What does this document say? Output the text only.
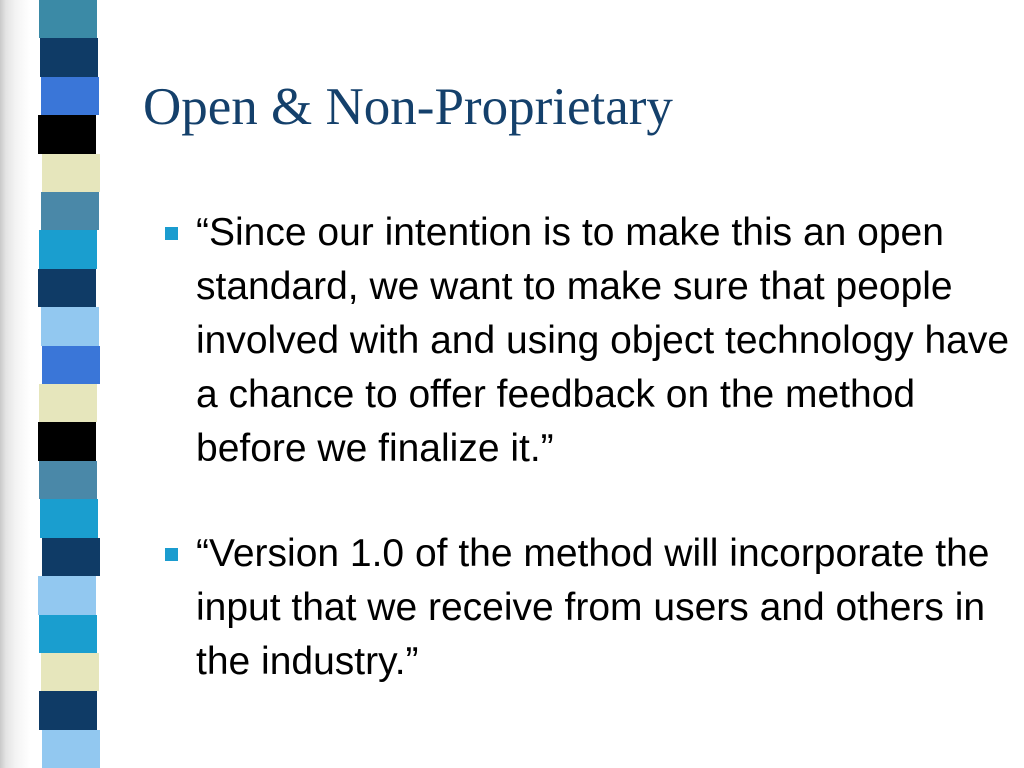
Open & Non-Proprietary
“Since our intention is to make this an open standard, we want to make sure that people involved with and using object technology have a chance to offer feedback on the method before we finalize it.”
“Version 1.0 of the method will incorporate the input that we receive from users and others in the industry.”
